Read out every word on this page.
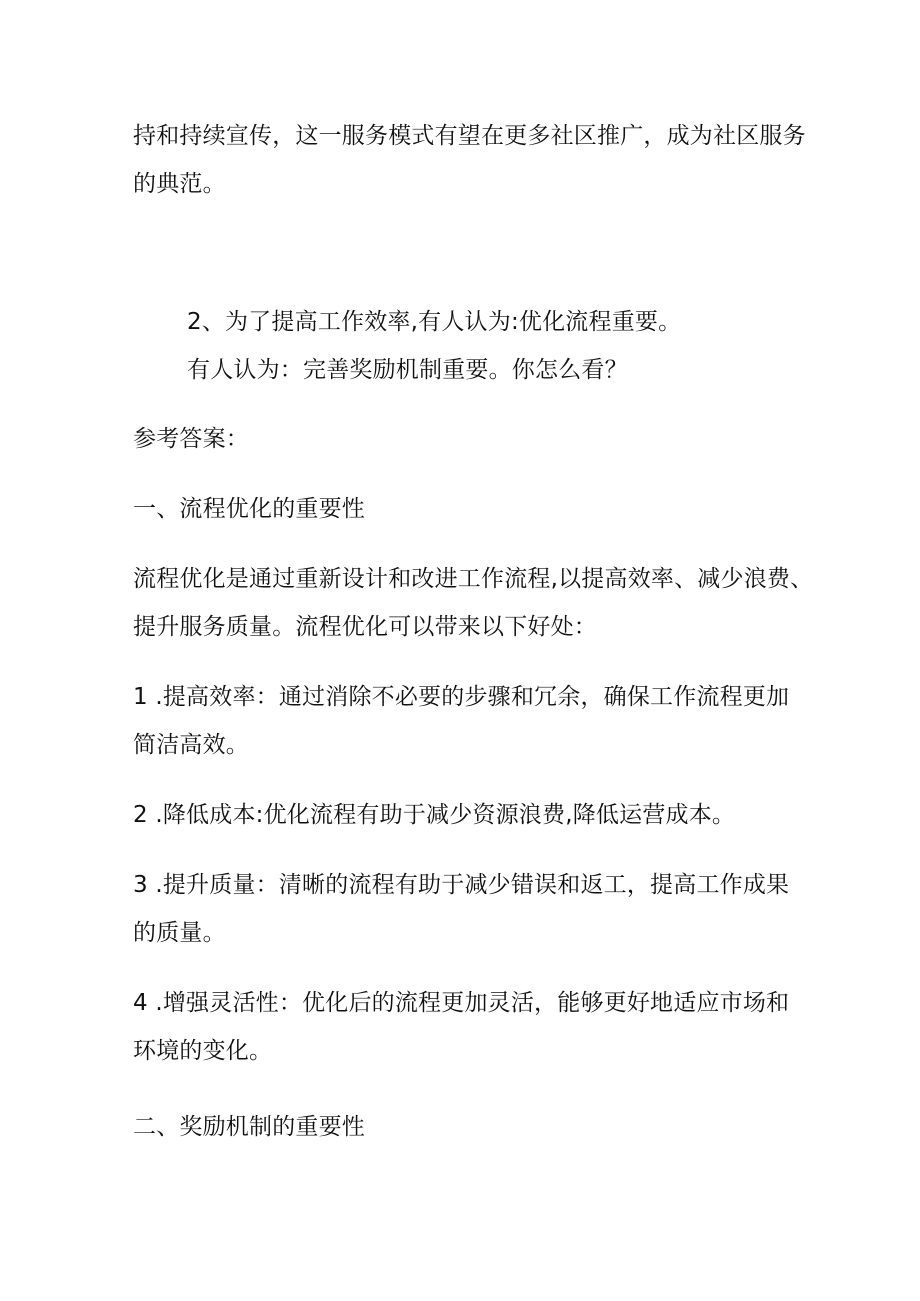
持和持续宣传，这一服务模式有望在更多社区推广，成为社区服务
的典范。
2、为了提高工作效率,有人认为:优化流程重要。
有人认为：完善奖励机制重要。你怎么看？
参考答案：
一、流程优化的重要性
流程优化是通过重新设计和改进工作流程,以提高效率、减少浪费、
提升服务质量。流程优化可以带来以下好处：
1 .提高效率：通过消除不必要的步骤和冗余，确保工作流程更加
简洁高效。
2 .降低成本:优化流程有助于减少资源浪费,降低运营成本。
3 .提升质量：清晰的流程有助于减少错误和返工，提高工作成果
的质量。
4 .增强灵活性：优化后的流程更加灵活，能够更好地适应市场和
环境的变化。
二、奖励机制的重要性
